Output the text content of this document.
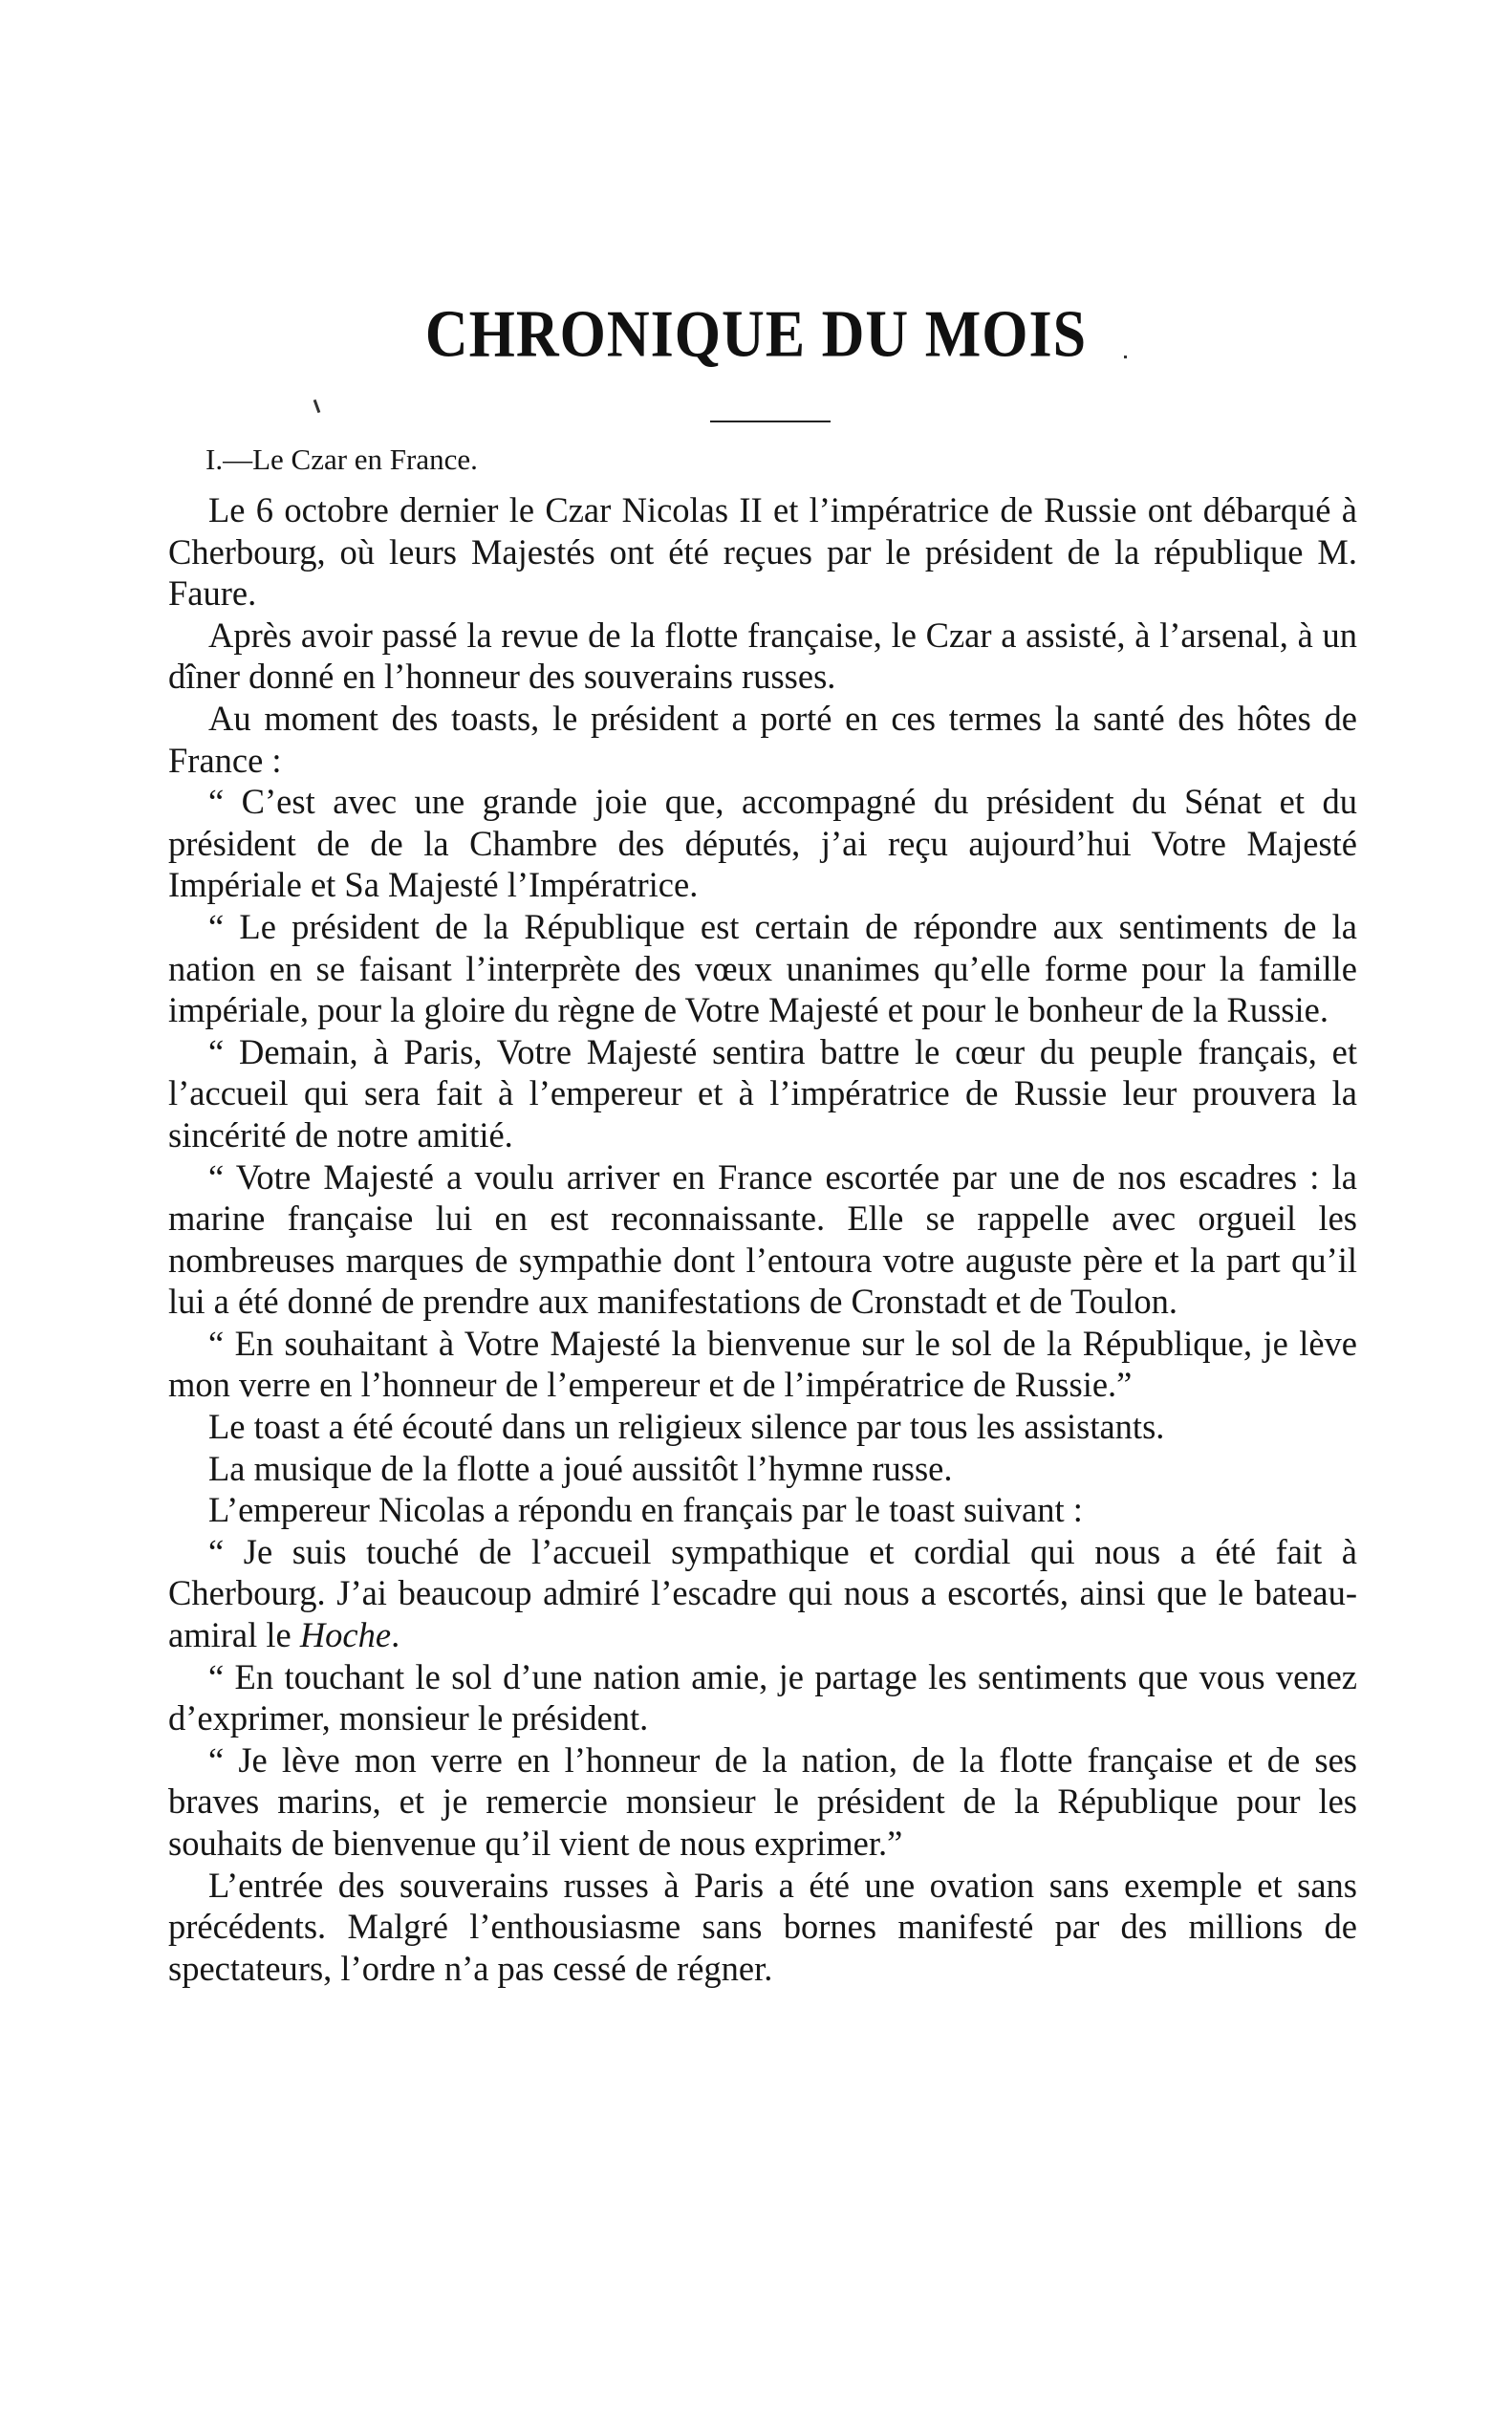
CHRONIQUE DU MOIS
I.—Le Czar en France.

Le 6 octobre dernier le Czar Nicolas II et l’impératrice de Russie ont débarqué à Cherbourg, où leurs Majestés ont été reçues par le président de la république M. Faure.

Après avoir passé la revue de la flotte française, le Czar a assisté, à l’arsenal, à un dîner donné en l’honneur des souverains russes.

Au moment des toasts, le président a porté en ces termes la santé des hôtes de France :

“ C’est avec une grande joie que, accompagné du président du Sénat et du président de de la Chambre des députés, j’ai reçu aujourd’hui Votre Majesté Impériale et Sa Majesté l’Impératrice.

“ Le président de la République est certain de répondre aux sentiments de la nation en se faisant l’interprète des vœux unanimes qu’elle forme pour la famille impériale, pour la gloire du règne de Votre Majesté et pour le bonheur de la Russie.

“ Demain, à Paris, Votre Majesté sentira battre le cœur du peuple français, et l’accueil qui sera fait à l’empereur et à l’impératrice de Russie leur prouvera la sincérité de notre amitié.

“ Votre Majesté a voulu arriver en France escortée par une de nos escadres : la marine française lui en est reconnaissante. Elle se rappelle avec orgueil les nombreuses marques de sympathie dont l’entoura votre auguste père et la part qu’il lui a été donné de prendre aux manifestations de Cronstadt et de Toulon.

“ En souhaitant à Votre Majesté la bienvenue sur le sol de la République, je lève mon verre en l’honneur de l’empereur et de l’impératrice de Russie.”

Le toast a été écouté dans un religieux silence par tous les assistants.

La musique de la flotte a joué aussitôt l’hymne russe.

L’empereur Nicolas a répondu en français par le toast suivant :

“ Je suis touché de l’accueil sympathique et cordial qui nous a été fait à Cherbourg. J’ai beaucoup admiré l’escadre qui nous a escortés, ainsi que le bateau-amiral le Hoche.

“ En touchant le sol d’une nation amie, je partage les sentiments que vous venez d’exprimer, monsieur le président.

“ Je lève mon verre en l’honneur de la nation, de la flotte française et de ses braves marins, et je remercie monsieur le président de la République pour les souhaits de bienvenue qu’il vient de nous exprimer.”

L’entrée des souverains russes à Paris a été une ovation sans exemple et sans précédents. Malgré l’enthousiasme sans bornes manifesté par des millions de spectateurs, l’ordre n’a pas cessé de régner.
